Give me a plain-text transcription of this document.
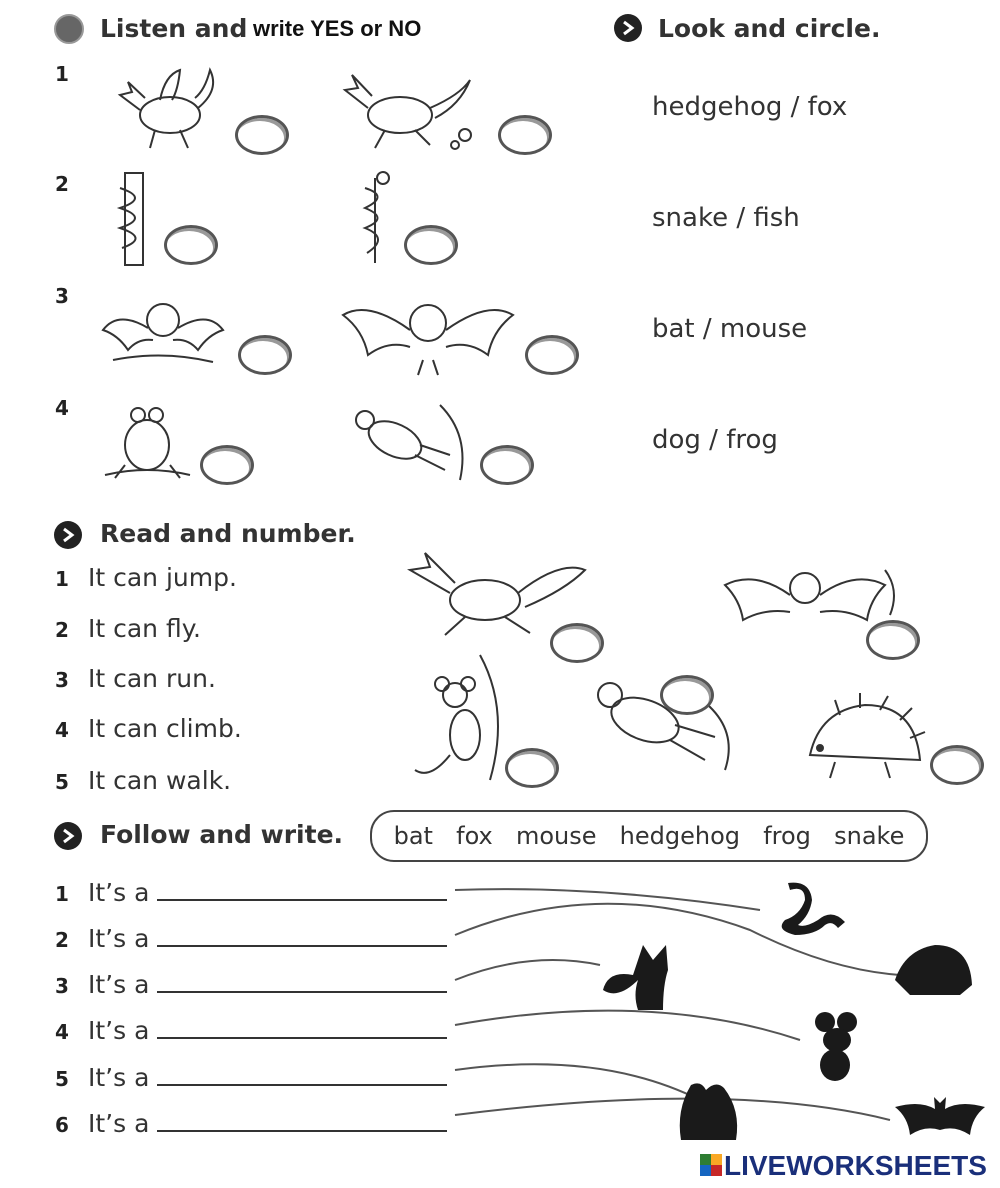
Listen and write YES or NO
1
2
3
4
Look and circle.
hedgehog / fox
snake / fish
bat / mouse
dog / frog
Read and number.
1 It can jump.
2 It can fly.
3 It can run.
4 It can climb.
5 It can walk.
Follow and write. bat fox mouse hedgehog frog snake
1 It’s a
2 It’s a
3 It’s a
4 It’s a
5 It’s a
6 It’s a
LIVEWORKSHEETS
